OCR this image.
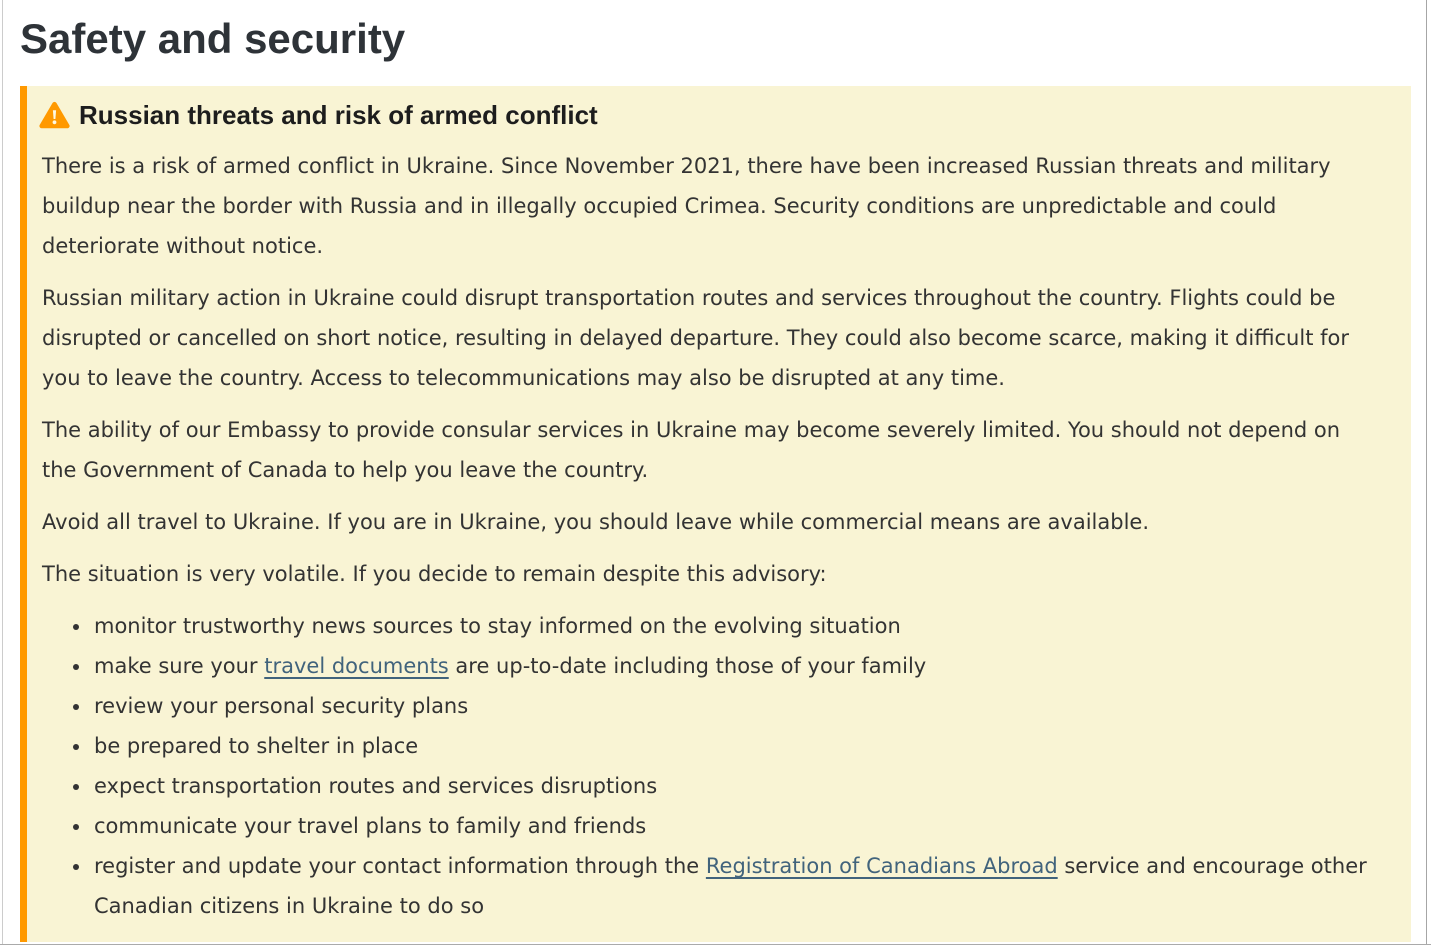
Safety and security
Russian threats and risk of armed conflict

There is a risk of armed conflict in Ukraine. Since November 2021, there have been increased Russian threats and military buildup near the border with Russia and in illegally occupied Crimea. Security conditions are unpredictable and could deteriorate without notice.

Russian military action in Ukraine could disrupt transportation routes and services throughout the country. Flights could be disrupted or cancelled on short notice, resulting in delayed departure. They could also become scarce, making it difficult for you to leave the country. Access to telecommunications may also be disrupted at any time.

The ability of our Embassy to provide consular services in Ukraine may become severely limited. You should not depend on the Government of Canada to help you leave the country.

Avoid all travel to Ukraine. If you are in Ukraine, you should leave while commercial means are available.

The situation is very volatile. If you decide to remain despite this advisory:

• monitor trustworthy news sources to stay informed on the evolving situation
• make sure your travel documents are up-to-date including those of your family
• review your personal security plans
• be prepared to shelter in place
• expect transportation routes and services disruptions
• communicate your travel plans to family and friends
• register and update your contact information through the Registration of Canadians Abroad service and encourage other Canadian citizens in Ukraine to do so
